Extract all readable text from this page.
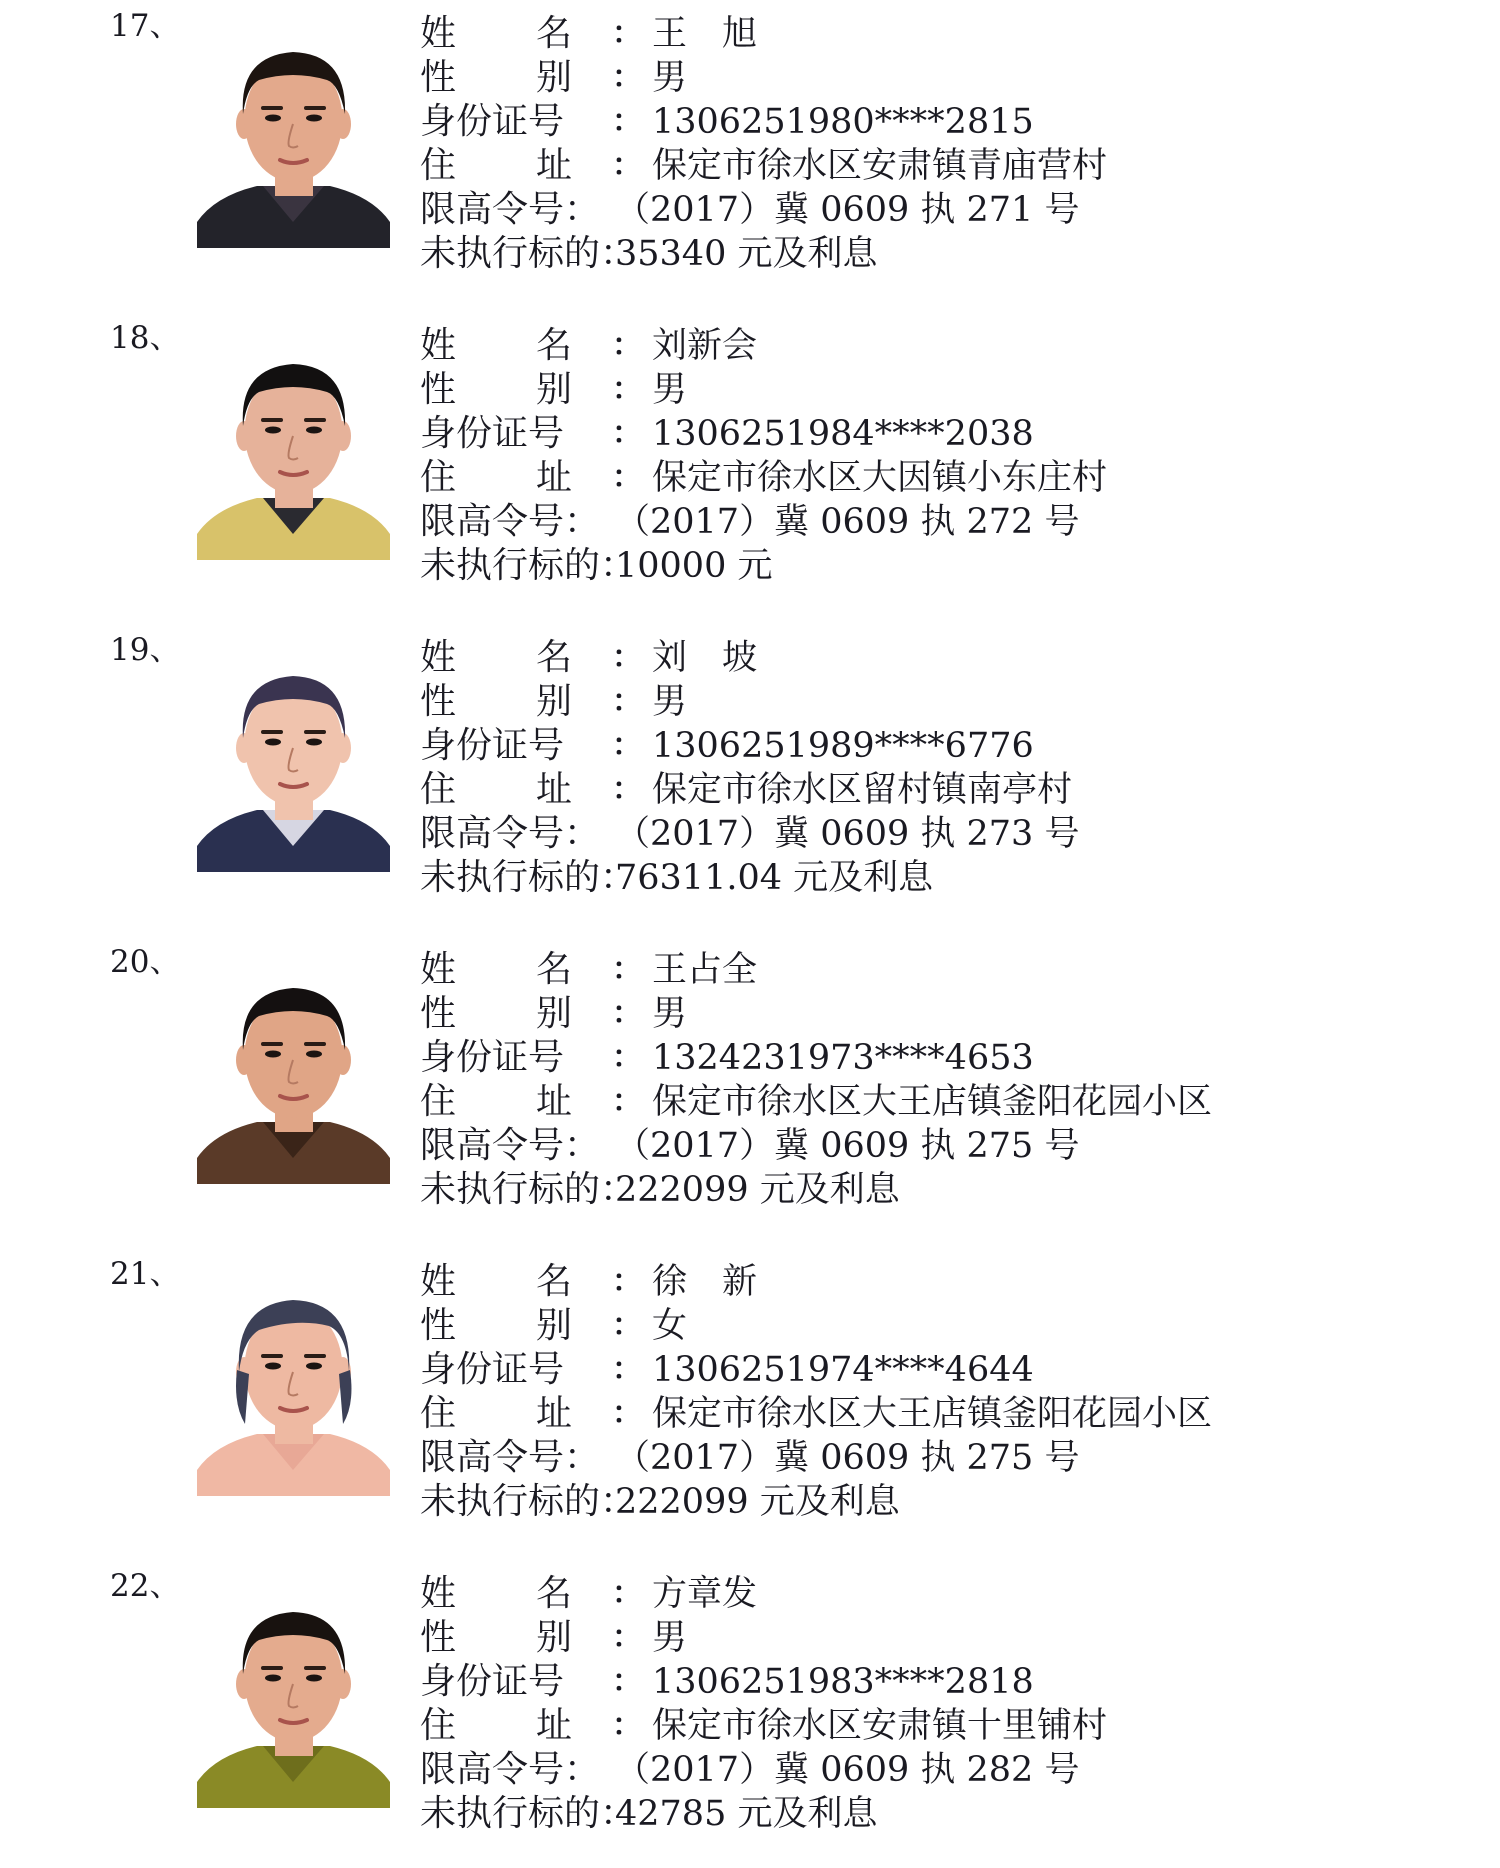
17、	姓 名 ： 王　旭
性 别 ： 男
身份证号 ： 1306251980****2815
住 址 ： 保定市徐水区安肃镇青庙营村
限高令号： （2017）冀 0609 执 271 号
未执行标的：
35340 元及利息
18、	姓 名 ： 刘新会
性 别 ： 男
身份证号 ： 1306251984****2038
住 址 ： 保定市徐水区大因镇小东庄村
限高令号： （2017）冀 0609 执 272 号
未执行标的：
10000 元
19、	姓 名 ： 刘　坡
性 别 ： 男
身份证号 ： 1306251989****6776
住 址 ： 保定市徐水区留村镇南亭村
限高令号： （2017）冀 0609 执 273 号
未执行标的：
76311.04 元及利息
20、	姓 名 ： 王占全
性 别 ： 男
身份证号 ： 1324231973****4653
住 址 ： 保定市徐水区大王店镇釜阳花园小区
限高令号： （2017）冀 0609 执 275 号
未执行标的：
222099 元及利息
21、	姓 名 ： 徐　新
性 别 ： 女
身份证号 ： 1306251974****4644
住 址 ： 保定市徐水区大王店镇釜阳花园小区
限高令号： （2017）冀 0609 执 275 号
未执行标的：
222099 元及利息
22、	姓 名 ： 方章发
性 别 ： 男
身份证号 ： 1306251983****2818
住 址 ： 保定市徐水区安肃镇十里铺村
限高令号： （2017）冀 0609 执 282 号
未执行标的：
42785 元及利息
